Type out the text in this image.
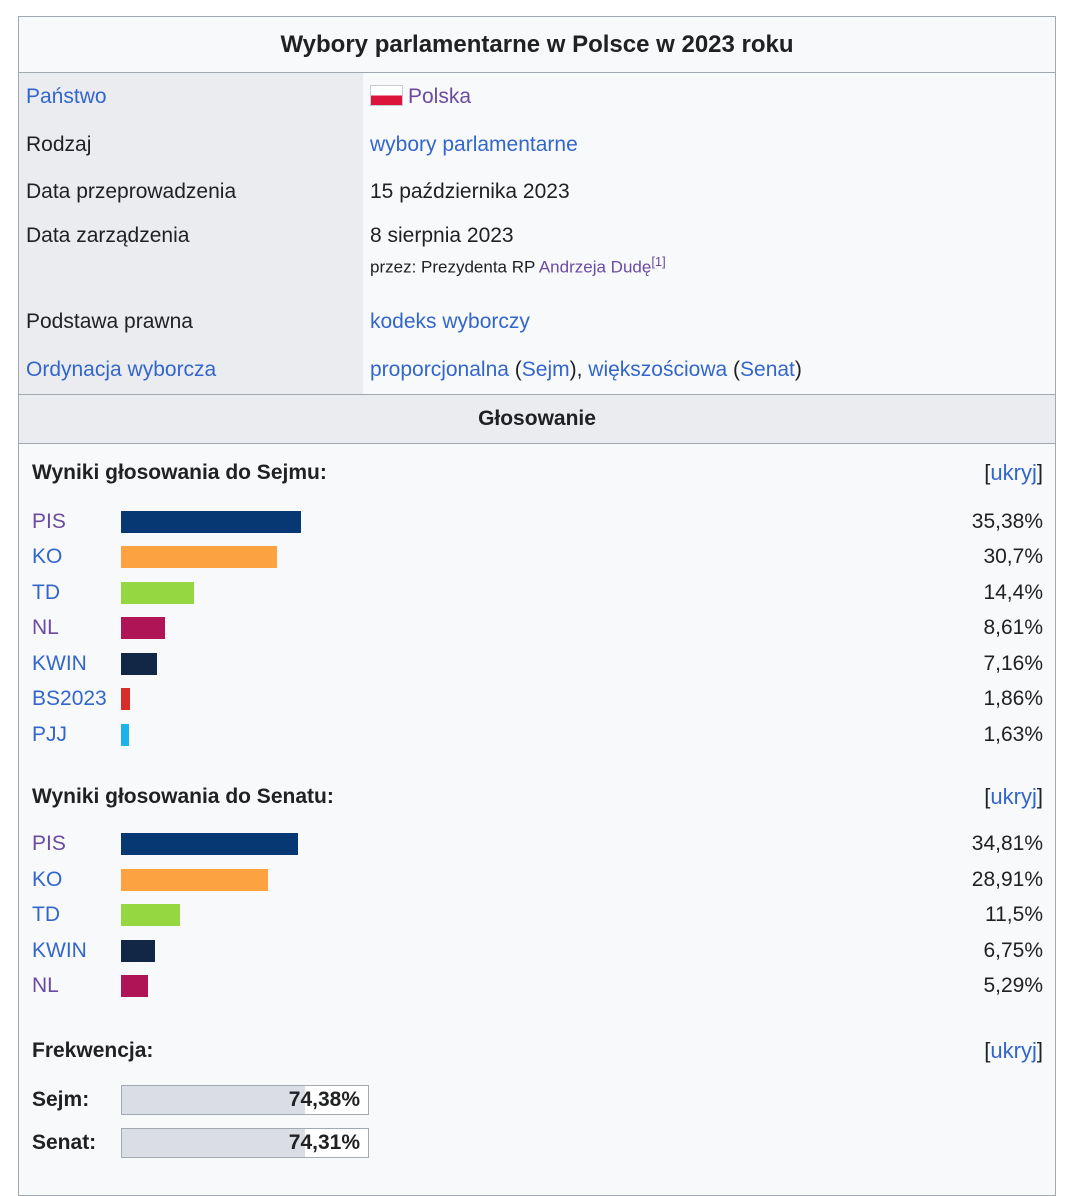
Wybory parlamentarne w Polsce w 2023 roku
Państwo	Polska
Rodzaj	wybory parlamentarne
Data przeprowadzenia	15 października 2023
Data zarządzenia	8 sierpnia 2023
przez: Prezydenta RP Andrzeja Dudę[1]
Podstawa prawna	kodeks wyborczy
Ordynacja wyborcza	proporcjonalna (Sejm), większościowa (Senat)
Głosowanie
Wyniki głosowania do Sejmu:	[ukryj]
PIS	35,38%
KO	30,7%
TD	14,4%
NL	8,61%
KWIN	7,16%
BS2023	1,86%
PJJ	1,63%
Wyniki głosowania do Senatu:	[ukryj]
PIS	34,81%
KO	28,91%
TD	11,5%
KWIN	6,75%
NL	5,29%
Frekwencja:	[ukryj]
Sejm:	74,38%
Senat:	74,31%
